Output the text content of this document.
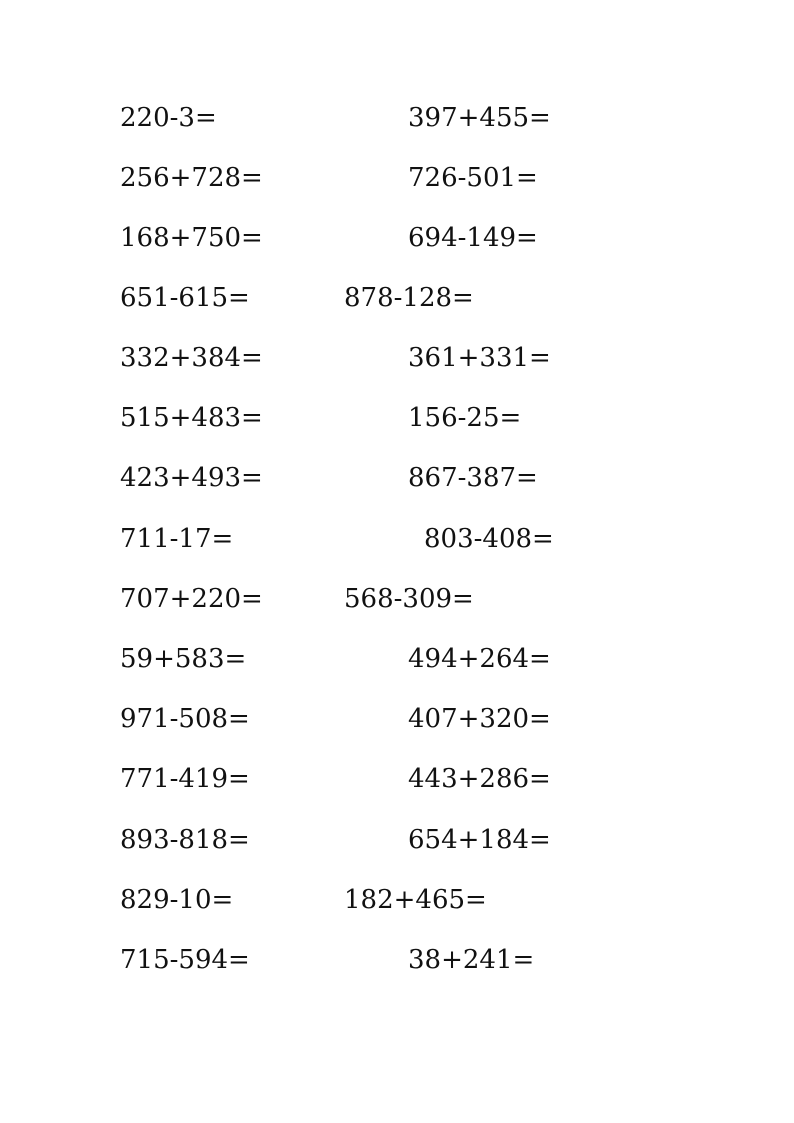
220-3=	397+455=
256+728=	726-501=
168+750=	694-149=
651-615=	878-128=
332+384=	361+331=
515+483=	156-25=
423+493=	867-387=
711-17=	803-408=
707+220=	568-309=
59+583=	494+264=
971-508=	407+320=
771-419=	443+286=
893-818=	654+184=
829-10=	182+465=
715-594=	38+241=
